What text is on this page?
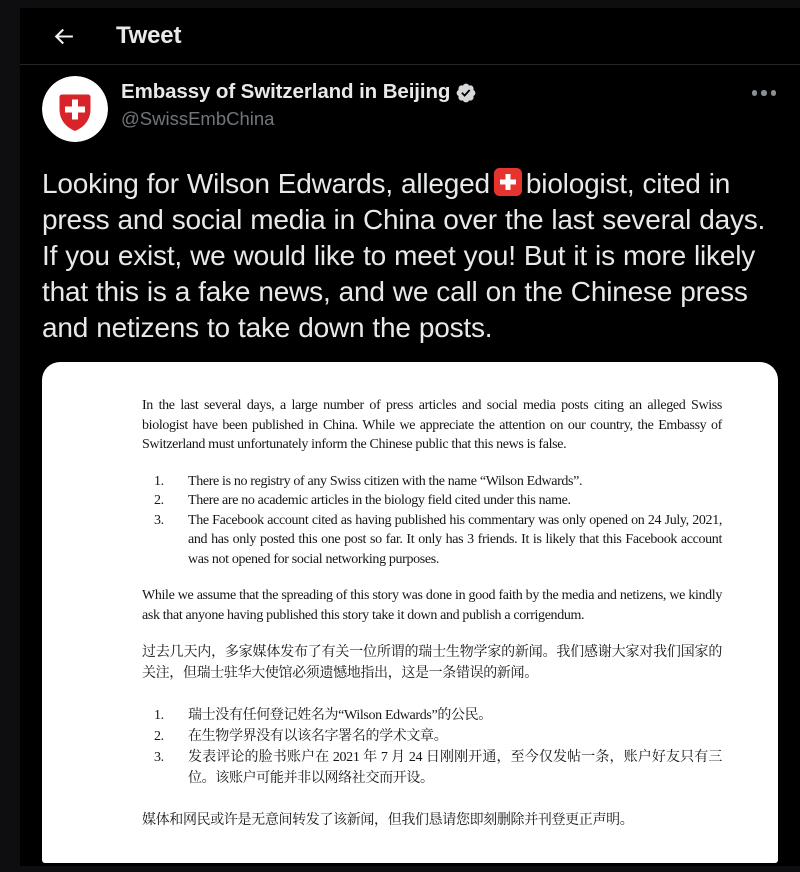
Tweet
Embassy of Switzerland in Beijing
@SwissEmbChina
Looking for Wilson Edwards, alleged biologist, cited in press and social media in China over the last several days. If you exist, we would like to meet you! But it is more likely that this is a fake news, and we call on the Chinese press and netizens to take down the posts.

In the last several days, a large number of press articles and social media posts citing an alleged Swiss biologist have been published in China. While we appreciate the attention on our country, the Embassy of Switzerland must unfortunately inform the Chinese public that this news is false.

1.	There is no registry of any Swiss citizen with the name “Wilson Edwards”.
2.	There are no academic articles in the biology field cited under this name.
3.	The Facebook account cited as having published his commentary was only opened on 24 July, 2021, and has only posted this one post so far. It only has 3 friends. It is likely that this Facebook account was not opened for social networking purposes.

While we assume that the spreading of this story was done in good faith by the media and netizens, we kindly ask that anyone having published this story take it down and publish a corrigendum.

过去几天内，多家媒体发布了有关一位所谓的瑞士生物学家的新闻。我们感谢大家对我们国家的关注，但瑞士驻华大使馆必须遗憾地指出，这是一条错误的新闻。

1.	瑞士没有任何登记姓名为“Wilson Edwards”的公民。
2.	在生物学界没有以该名字署名的学术文章。
3.	发表评论的脸书账户在 2021 年 7 月 24 日刚刚开通，至今仅发帖一条，账户好友只有三位。该账户可能并非以网络社交而开设。

媒体和网民或许是无意间转发了该新闻，但我们恳请您即刻删除并刊登更正声明。
